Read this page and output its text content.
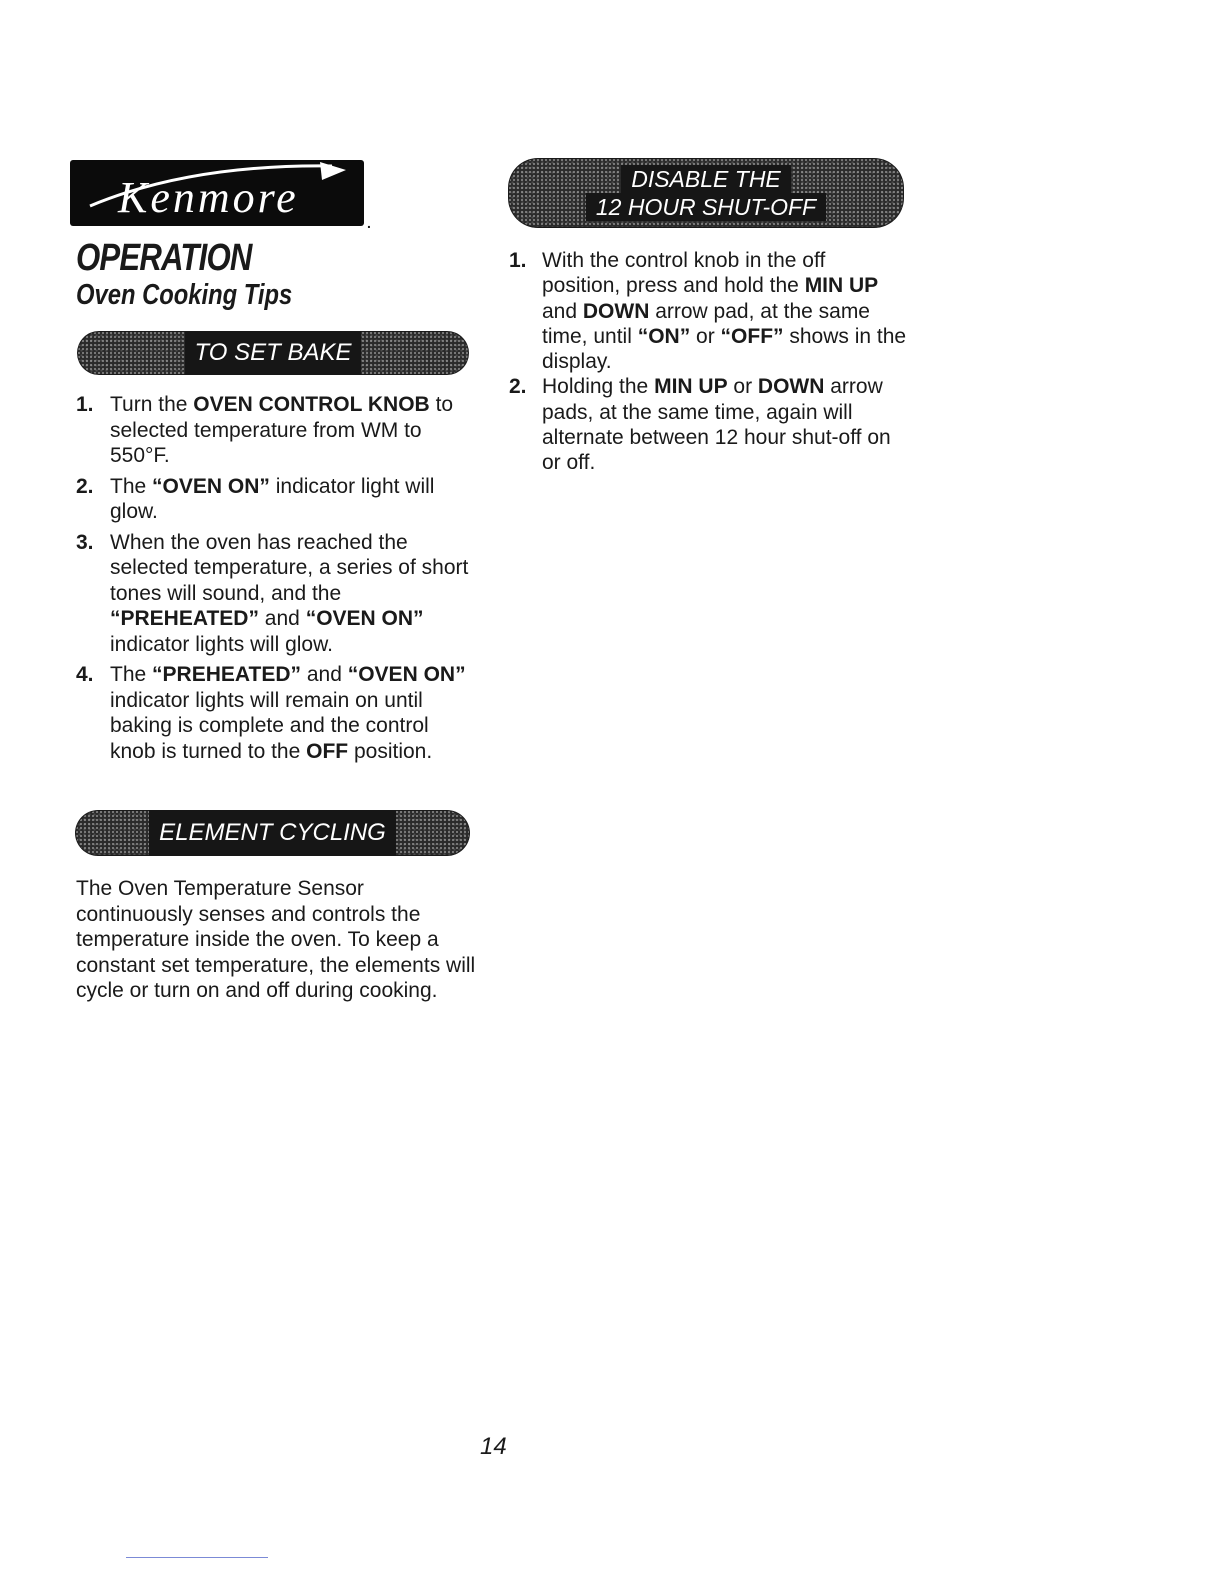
Kenmore
.
OPERATION
Oven Cooking Tips
TO SET BAKE
1. Turn the OVEN CONTROL KNOB to selected temperature from WM to 550°F.
2. The “OVEN ON” indicator light will glow.
3. When the oven has reached the selected temperature, a series of short tones will sound, and the “PREHEATED” and “OVEN ON” indicator lights will glow.
4. The “PREHEATED” and “OVEN ON” indicator lights will remain on until baking is complete and the control knob is turned to the OFF position.
ELEMENT CYCLING
The Oven Temperature Sensor continuously senses and controls the temperature inside the oven. To keep a constant set temperature, the elements will cycle or turn on and off during cooking.
DISABLE THE
12 HOUR SHUT-OFF
1. With the control knob in the off position, press and hold the MIN UP and DOWN arrow pad, at the same time, until “ON” or “OFF” shows in the display.
2. Holding the MIN UP or DOWN arrow pads, at the same time, again will alternate between 12 hour shut-off on or off.
14
